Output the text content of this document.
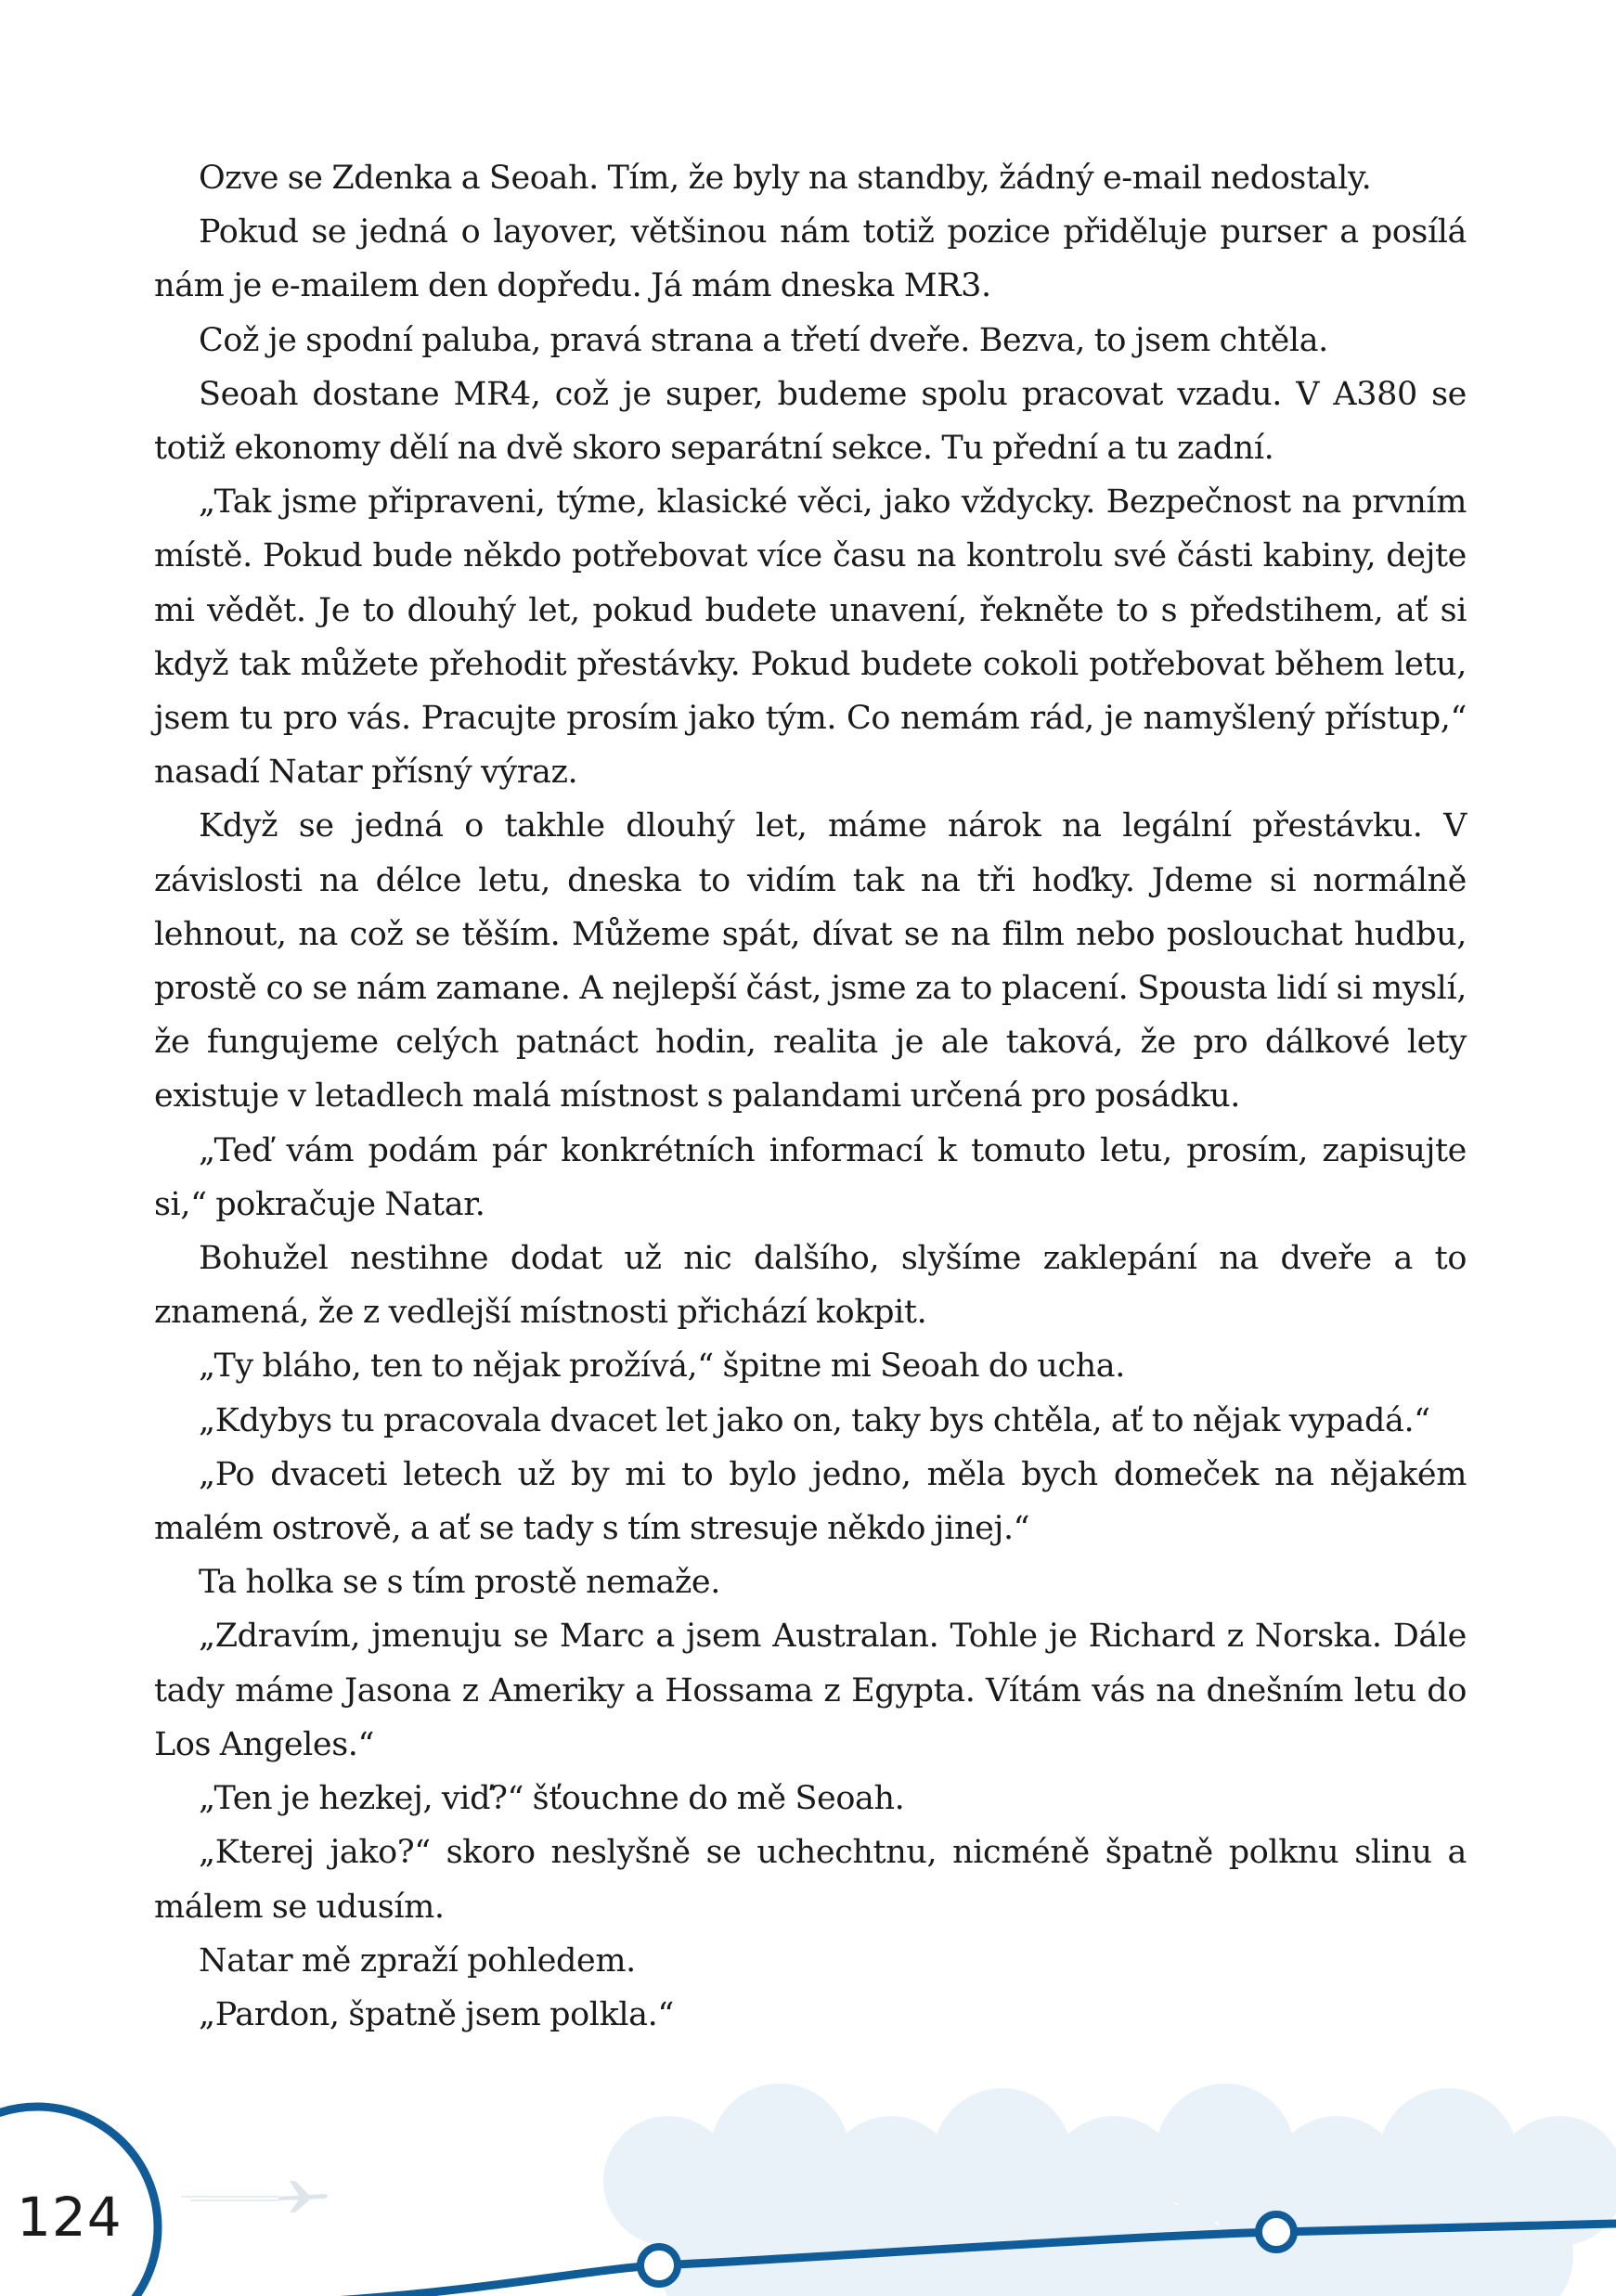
Ozve se Zdenka a Seoah. Tím, že byly na standby, žádný e-mail nedostaly.

Pokud se jedná o layover, většinou nám totiž pozice přiděluje purser a posílá nám je e-mailem den dopředu. Já mám dneska MR3.

Což je spodní paluba, pravá strana a třetí dveře. Bezva, to jsem chtěla.

Seoah dostane MR4, což je super, budeme spolu pracovat vzadu. V A380 se totiž ekonomy dělí na dvě skoro separátní sekce. Tu přední a tu zadní.

„Tak jsme připraveni, týme, klasické věci, jako vždycky. Bezpečnost na prvním místě. Pokud bude někdo potřebovat více času na kontrolu své části kabiny, dejte mi vědět. Je to dlouhý let, pokud budete unavení, řekněte to s předstihem, ať si když tak můžete přehodit přestávky. Pokud budete cokoli potřebovat během letu, jsem tu pro vás. Pracujte prosím jako tým. Co nemám rád, je namyšlený přístup,“ nasadí Natar přísný výraz.

Když se jedná o takhle dlouhý let, máme nárok na legální přestávku. V závislosti na délce letu, dneska to vidím tak na tři hoďky. Jdeme si normálně lehnout, na což se těším. Můžeme spát, dívat se na film nebo poslouchat hudbu, prostě co se nám zamane. A nejlepší část, jsme za to placení. Spousta lidí si myslí, že fungujeme celých patnáct hodin, realita je ale taková, že pro dálkové lety existuje v letadlech malá místnost s palandami určená pro posádku.

„Teď vám podám pár konkrétních informací k tomuto letu, prosím, zapisujte si,“ pokračuje Natar.

Bohužel nestihne dodat už nic dalšího, slyšíme zaklepání na dveře a to znamená, že z vedlejší místnosti přichází kokpit.

„Ty bláho, ten to nějak prožívá,“ špitne mi Seoah do ucha.

„Kdybys tu pracovala dvacet let jako on, taky bys chtěla, ať to nějak vypadá.“

„Po dvaceti letech už by mi to bylo jedno, měla bych domeček na nějakém malém ostrově, a ať se tady s tím stresuje někdo jinej.“

Ta holka se s tím prostě nemaže.

„Zdravím, jmenuju se Marc a jsem Australan. Tohle je Richard z Norska. Dále tady máme Jasona z Ameriky a Hossama z Egypta. Vítám vás na dnešním letu do Los Angeles.“

„Ten je hezkej, viď?“ šťouchne do mě Seoah.

„Kterej jako?“ skoro neslyšně se uchechtnu, nicméně špatně polknu slinu a málem se udusím.

Natar mě zpraží pohledem.

„Pardon, špatně jsem polkla.“

124
